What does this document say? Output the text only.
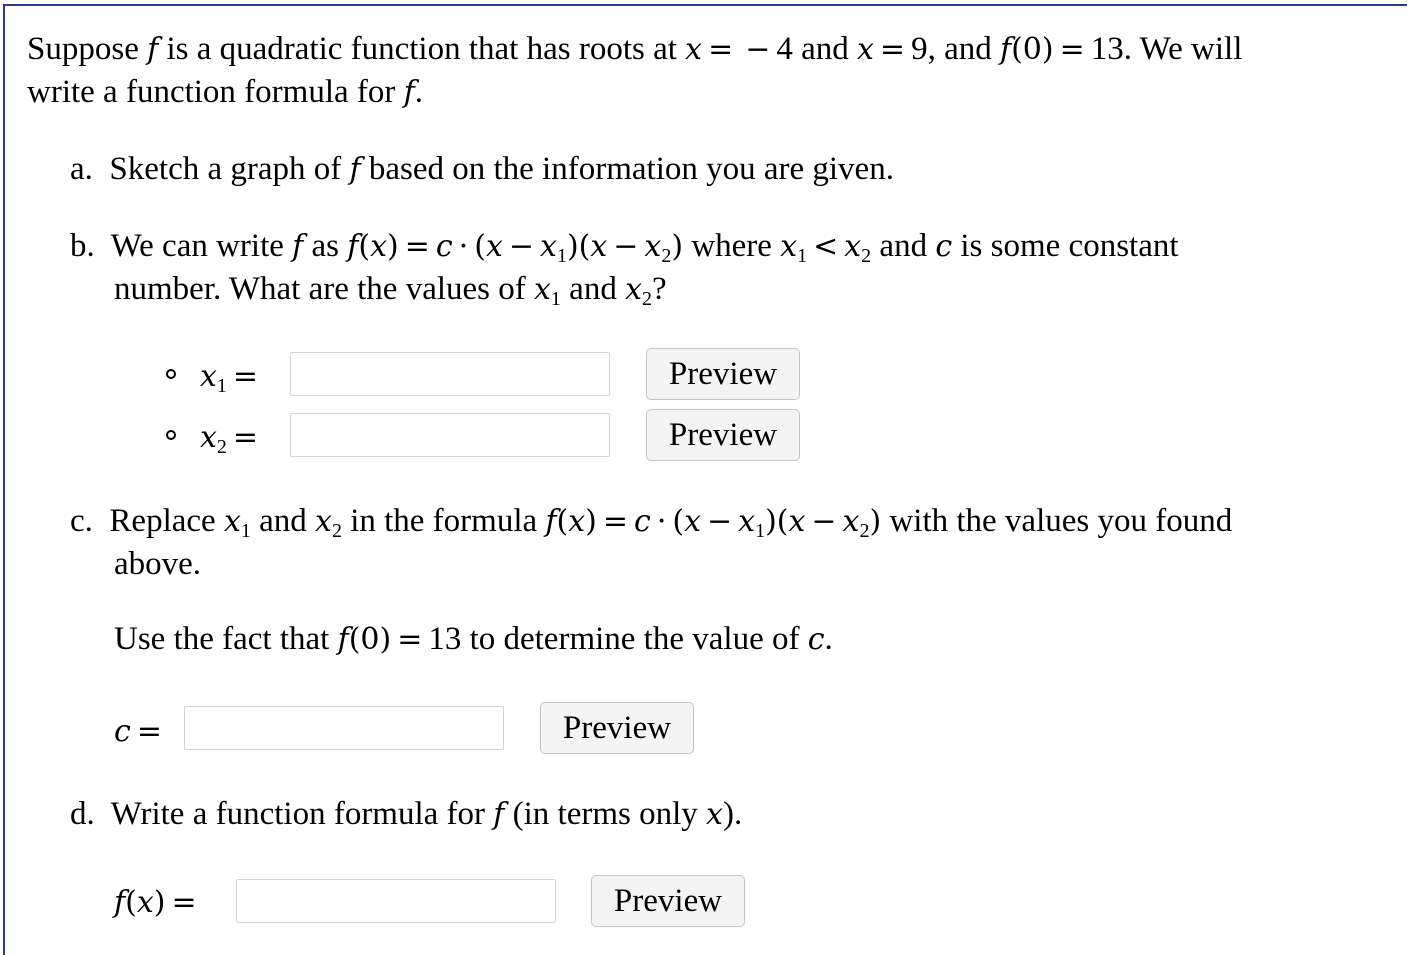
Suppose f is a quadratic function that has roots at x = − 4 and x = 9, and f(0) = 13. We will
write a function formula for f.
a. Sketch a graph of f based on the information you are given.
b. We can write f as $f(x) = c \cdot (x - x_1)(x - x_2)$ where $x_1 < x_2$ and c is some constant
number. What are the values of $x_1$ and $x_2$?
$x_1$ =	Preview
$x_2$ =	Preview
c. Replace $x_1$ and $x_2$ in the formula $f(x) = c \cdot (x - x_1)(x - x_2)$ with the values you found
above.
Use the fact that f(0) = 13 to determine the value of c.
c =	Preview
d. Write a function formula for f (in terms only x).
f(x) =	Preview
